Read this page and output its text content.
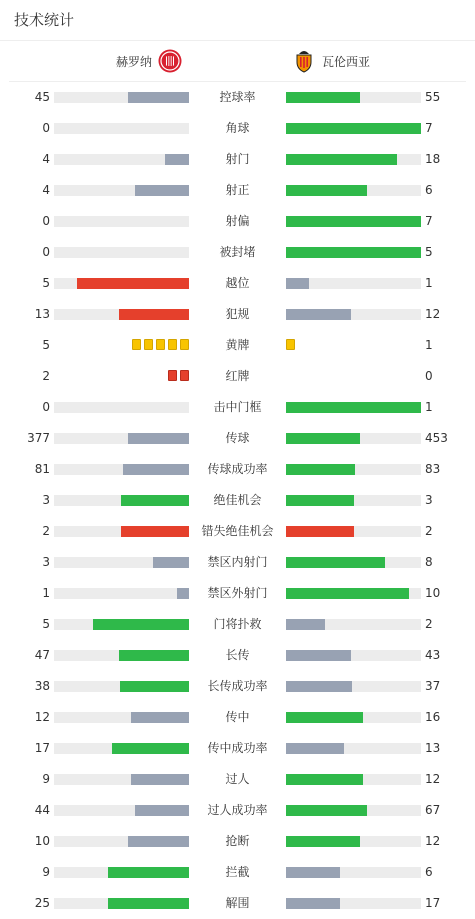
技术统计
赫罗纳	瓦伦西亚
45	控球率	55
0	角球	7
4	射门	18
4	射正	6
0	射偏	7
0	被封堵	5
5	越位	1
13	犯规	12
5	黄牌	1
2	红牌	0
0	击中门框	1
377	传球	453
81	传球成功率	83
3	绝佳机会	3
2	错失绝佳机会	2
3	禁区内射门	8
1	禁区外射门	10
5	门将扑救	2
47	长传	43
38	长传成功率	37
12	传中	16
17	传中成功率	13
9	过人	12
44	过人成功率	67
10	抢断	12
9	拦截	6
25	解围	17
